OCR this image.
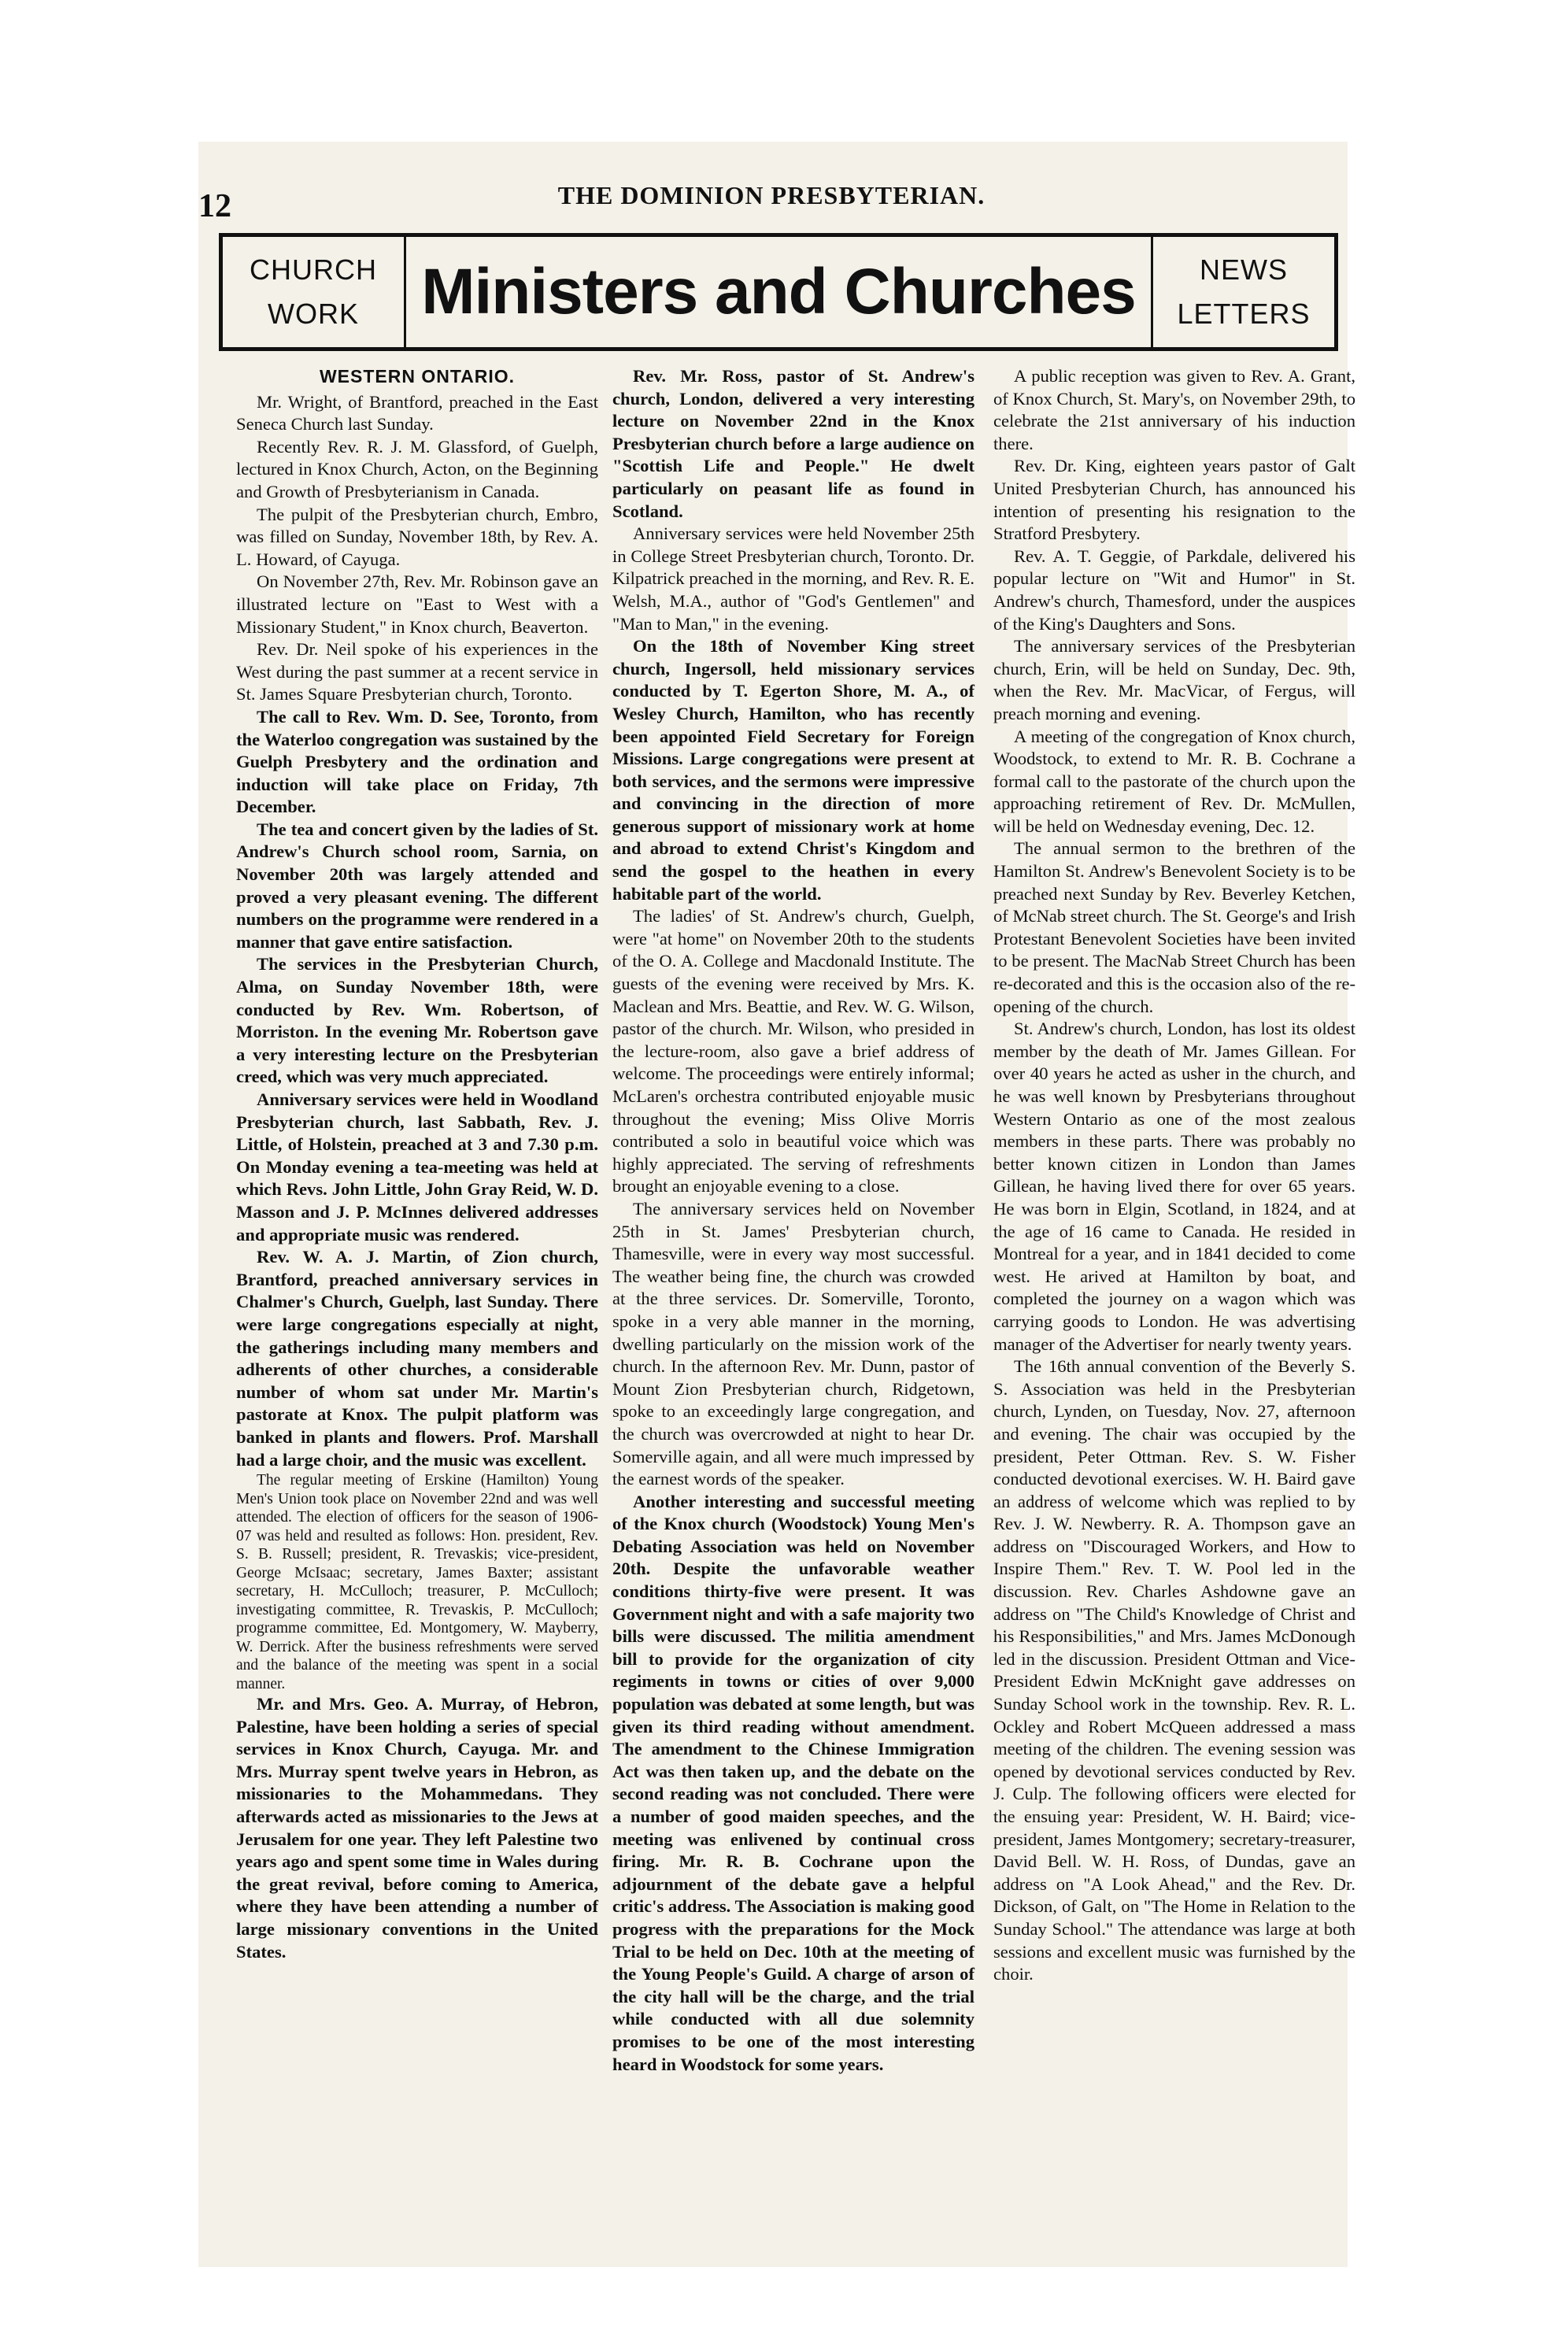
12	THE DOMINION PRESBYTERIAN.
CHURCH
WORK Ministers and Churches	NEWS
LETTERS
WESTERN ONTARIO.

Mr. Wright, of Brantford, preached in the East Seneca Church last Sunday.

Recently Rev. R. J. M. Glassford, of Guelph, lectured in Knox Church, Acton, on the Beginning and Growth of Presbyterianism in Canada.

The pulpit of the Presbyterian church, Embro, was filled on Sunday, November 18th, by Rev. A. L. Howard, of Cayuga.

On November 27th, Rev. Mr. Robinson gave an illustrated lecture on "East to West with a Missionary Student," in Knox church, Beaverton.

Rev. Dr. Neil spoke of his experiences in the West during the past summer at a recent service in St. James Square Presbyterian church, Toronto.

The call to Rev. Wm. D. See, Toronto, from the Waterloo congregation was sustained by the Guelph Presbytery and the ordination and induction will take place on Friday, 7th December.

The tea and concert given by the ladies of St. Andrew's Church school room, Sarnia, on November 20th was largely attended and proved a very pleasant evening. The different numbers on the programme were rendered in a manner that gave entire satisfaction.

The services in the Presbyterian Church, Alma, on Sunday November 18th, were conducted by Rev. Wm. Robertson, of Morriston. In the evening Mr. Robertson gave a very interesting lecture on the Presbyterian creed, which was very much appreciated.

Anniversary services were held in Woodland Presbyterian church, last Sabbath, Rev. J. Little, of Holstein, preached at 3 and 7.30 p.m. On Monday evening a tea-meeting was held at which Revs. John Little, John Gray Reid, W. D. Masson and J. P. McInnes delivered addresses and appropriate music was rendered.

Rev. W. A. J. Martin, of Zion church, Brantford, preached anniversary services in Chalmer's Church, Guelph, last Sunday. There were large congregations especially at night, the gatherings including many members and adherents of other churches, a considerable number of whom sat under Mr. Martin's pastorate at Knox. The pulpit platform was banked in plants and flowers. Prof. Marshall had a large choir, and the music was excellent.

The regular meeting of Erskine (Hamilton) Young Men's Union took place on November 22nd and was well attended. The election of officers for the season of 1906-07 was held and resulted as follows: Hon. president, Rev. S. B. Russell; president, R. Trevaskis; vice-president, George McIsaac; secretary, James Baxter; assistant secretary, H. McCulloch; treasurer, P. McCulloch; investigating committee, R. Trevaskis, P. McCulloch; programme committee, Ed. Montgomery, W. Mayberry, W. Derrick. After the business refreshments were served and the balance of the meeting was spent in a social manner.

Mr. and Mrs. Geo. A. Murray, of Hebron, Palestine, have been holding a series of special services in Knox Church, Cayuga. Mr. and Mrs. Murray spent twelve years in Hebron, as missionaries to the Mohammedans. They afterwards acted as missionaries to the Jews at Jerusalem for one year. They left Palestine two years ago and spent some time in Wales during the great revival, before coming to America, where they have been attending a number of large missionary conventions in the United States.

Rev. Mr. Ross, pastor of St. Andrew's church, London, delivered a very interesting lecture on November 22nd in the Knox Presbyterian church before a large audience on "Scottish Life and People." He dwelt particularly on peasant life as found in Scotland.

Anniversary services were held November 25th in College Street Presbyterian church, Toronto. Dr. Kilpatrick preached in the morning, and Rev. R. E. Welsh, M.A., author of "God's Gentlemen" and "Man to Man," in the evening.

On the 18th of November King street church, Ingersoll, held missionary services conducted by T. Egerton Shore, M. A., of Wesley Church, Hamilton, who has recently been appointed Field Secretary for Foreign Missions. Large congregations were present at both services, and the sermons were impressive and convincing in the direction of more generous support of missionary work at home and abroad to extend Christ's Kingdom and send the gospel to the heathen in every habitable part of the world.

The ladies' of St. Andrew's church, Guelph, were "at home" on November 20th to the students of the O. A. College and Macdonald Institute. The guests of the evening were received by Mrs. K. Maclean and Mrs. Beattie, and Rev. W. G. Wilson, pastor of the church. Mr. Wilson, who presided in the lecture-room, also gave a brief address of welcome. The proceedings were entirely informal; McLaren's orchestra contributed enjoyable music throughout the evening; Miss Olive Morris contributed a solo in beautiful voice which was highly appreciated. The serving of refreshments brought an enjoyable evening to a close.

The anniversary services held on November 25th in St. James' Presbyterian church, Thamesville, were in every way most successful. The weather being fine, the church was crowded at the three services. Dr. Somerville, Toronto, spoke in a very able manner in the morning, dwelling particularly on the mission work of the church. In the afternoon Rev. Mr. Dunn, pastor of Mount Zion Presbyterian church, Ridgetown, spoke to an exceedingly large congregation, and the church was overcrowded at night to hear Dr. Somerville again, and all were much impressed by the earnest words of the speaker.

Another interesting and successful meeting of the Knox church (Woodstock) Young Men's Debating Association was held on November 20th. Despite the unfavorable weather conditions thirty-five were present. It was Government night and with a safe majority two bills were discussed. The militia amendment bill to provide for the organization of city regiments in towns or cities of over 9,000 population was debated at some length, but was given its third reading without amendment. The amendment to the Chinese Immigration Act was then taken up, and the debate on the second reading was not concluded. There were a number of good maiden speeches, and the meeting was enlivened by continual cross firing. Mr. R. B. Cochrane upon the adjournment of the debate gave a helpful critic's address. The Association is making good progress with the preparations for the Mock Trial to be held on Dec. 10th at the meeting of the Young People's Guild. A charge of arson of the city hall will be the charge, and the trial while conducted with all due solemnity promises to be one of the most interesting heard in Woodstock for some years.

A public reception was given to Rev. A. Grant, of Knox Church, St. Mary's, on November 29th, to celebrate the 21st anniversary of his induction there.

Rev. Dr. King, eighteen years pastor of Galt United Presbyterian Church, has announced his intention of presenting his resignation to the Stratford Presbytery.

Rev. A. T. Geggie, of Parkdale, delivered his popular lecture on "Wit and Humor" in St. Andrew's church, Thamesford, under the auspices of the King's Daughters and Sons.

The anniversary services of the Presbyterian church, Erin, will be held on Sunday, Dec. 9th, when the Rev. Mr. MacVicar, of Fergus, will preach morning and evening.

A meeting of the congregation of Knox church, Woodstock, to extend to Mr. R. B. Cochrane a formal call to the pastorate of the church upon the approaching retirement of Rev. Dr. McMullen, will be held on Wednesday evening, Dec. 12.

The annual sermon to the brethren of the Hamilton St. Andrew's Benevolent Society is to be preached next Sunday by Rev. Beverley Ketchen, of McNab street church. The St. George's and Irish Protestant Benevolent Societies have been invited to be present. The MacNab Street Church has been re-decorated and this is the occasion also of the re-opening of the church.

St. Andrew's church, London, has lost its oldest member by the death of Mr. James Gillean. For over 40 years he acted as usher in the church, and he was well known by Presbyterians throughout Western Ontario as one of the most zealous members in these parts. There was probably no better known citizen in London than James Gillean, he having lived there for over 65 years. He was born in Elgin, Scotland, in 1824, and at the age of 16 came to Canada. He resided in Montreal for a year, and in 1841 decided to come west. He arived at Hamilton by boat, and completed the journey on a wagon which was carrying goods to London. He was advertising manager of the Advertiser for nearly twenty years.

The 16th annual convention of the Beverly S. S. Association was held in the Presbyterian church, Lynden, on Tuesday, Nov. 27, afternoon and evening. The chair was occupied by the president, Peter Ottman. Rev. S. W. Fisher conducted devotional exercises. W. H. Baird gave an address of welcome which was replied to by Rev. J. W. Newberry. R. A. Thompson gave an address on "Discouraged Workers, and How to Inspire Them." Rev. T. W. Pool led in the discussion. Rev. Charles Ashdowne gave an address on "The Child's Knowledge of Christ and his Responsibilities," and Mrs. James McDonough led in the discussion. President Ottman and Vice-President Edwin McKnight gave addresses on Sunday School work in the township. Rev. R. L. Ockley and Robert McQueen addressed a mass meeting of the children. The evening session was opened by devotional services conducted by Rev. J. Culp. The following officers were elected for the ensuing year: President, W. H. Baird; vice-president, James Montgomery; secretary-treasurer, David Bell. W. H. Ross, of Dundas, gave an address on "A Look Ahead," and the Rev. Dr. Dickson, of Galt, on "The Home in Relation to the Sunday School." The attendance was large at both sessions and excellent music was furnished by the choir.
